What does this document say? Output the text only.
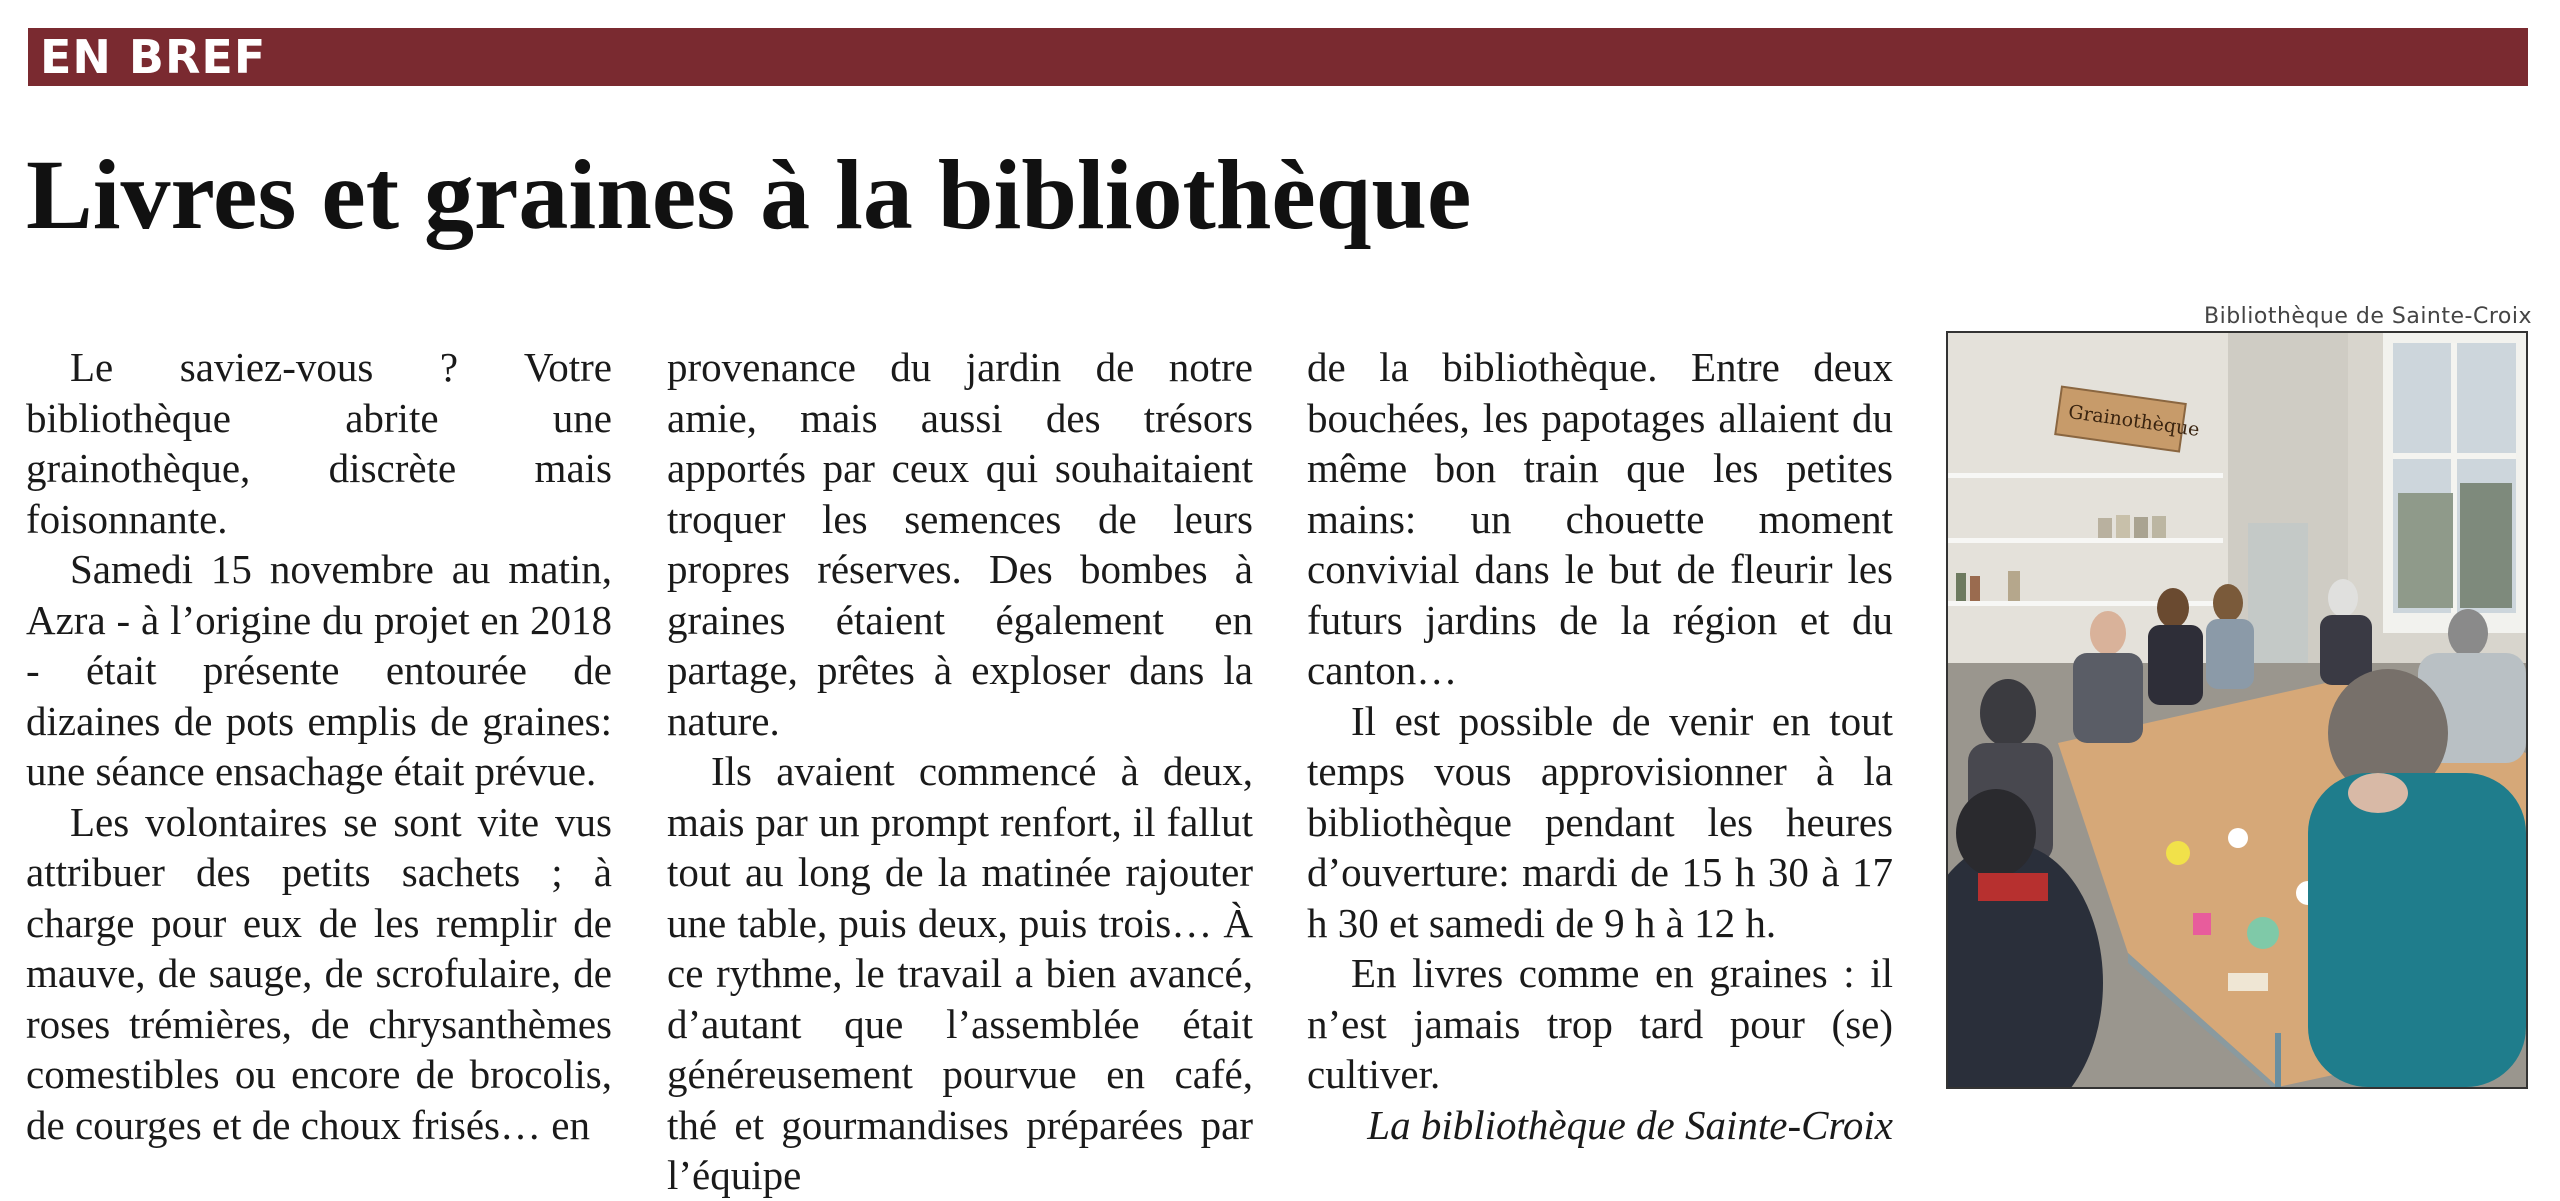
EN BREF
Livres et graines à la bibliothèque

Le saviez-vous ? Votre bibliothèque abrite une grainothèque, discrète mais foisonnante.

Samedi 15 novembre au matin, Azra - à l’origine du projet en 2018 - était présente entourée de dizaines de pots emplis de graines: une séance ensachage était prévue.

Les volontaires se sont vite vus attribuer des petits sachets ; à charge pour eux de les remplir de mauve, de sauge, de scrofulaire, de roses trémières, de chrysanthèmes comestibles ou encore de brocolis, de courges et de choux frisés… en

provenance du jardin de notre amie, mais aussi des trésors apportés par ceux qui souhaitaient troquer les semences de leurs propres réserves. Des bombes à graines étaient également en partage, prêtes à exploser dans la nature.

Ils avaient commencé à deux, mais par un prompt renfort, il fallut tout au long de la matinée rajouter une table, puis deux, puis trois… À ce rythme, le travail a bien avancé, d’autant que l’assemblée était généreusement pourvue en café, thé et gourmandises préparées par l’équipe

de la bibliothèque. Entre deux bouchées, les papotages allaient du même bon train que les petites mains: un chouette moment convivial dans le but de fleurir les futurs jardins de la région et du canton…

Il est possible de venir en tout temps vous approvisionner à la bibliothèque pendant les heures d’ouverture: mardi de 15 h 30 à 17 h 30 et samedi de 9 h à 12 h.

En livres comme en graines : il n’est jamais trop tard pour (se) cultiver.

La bibliothèque de Sainte-Croix

Bibliothèque de Sainte-Croix
Grainothèque
